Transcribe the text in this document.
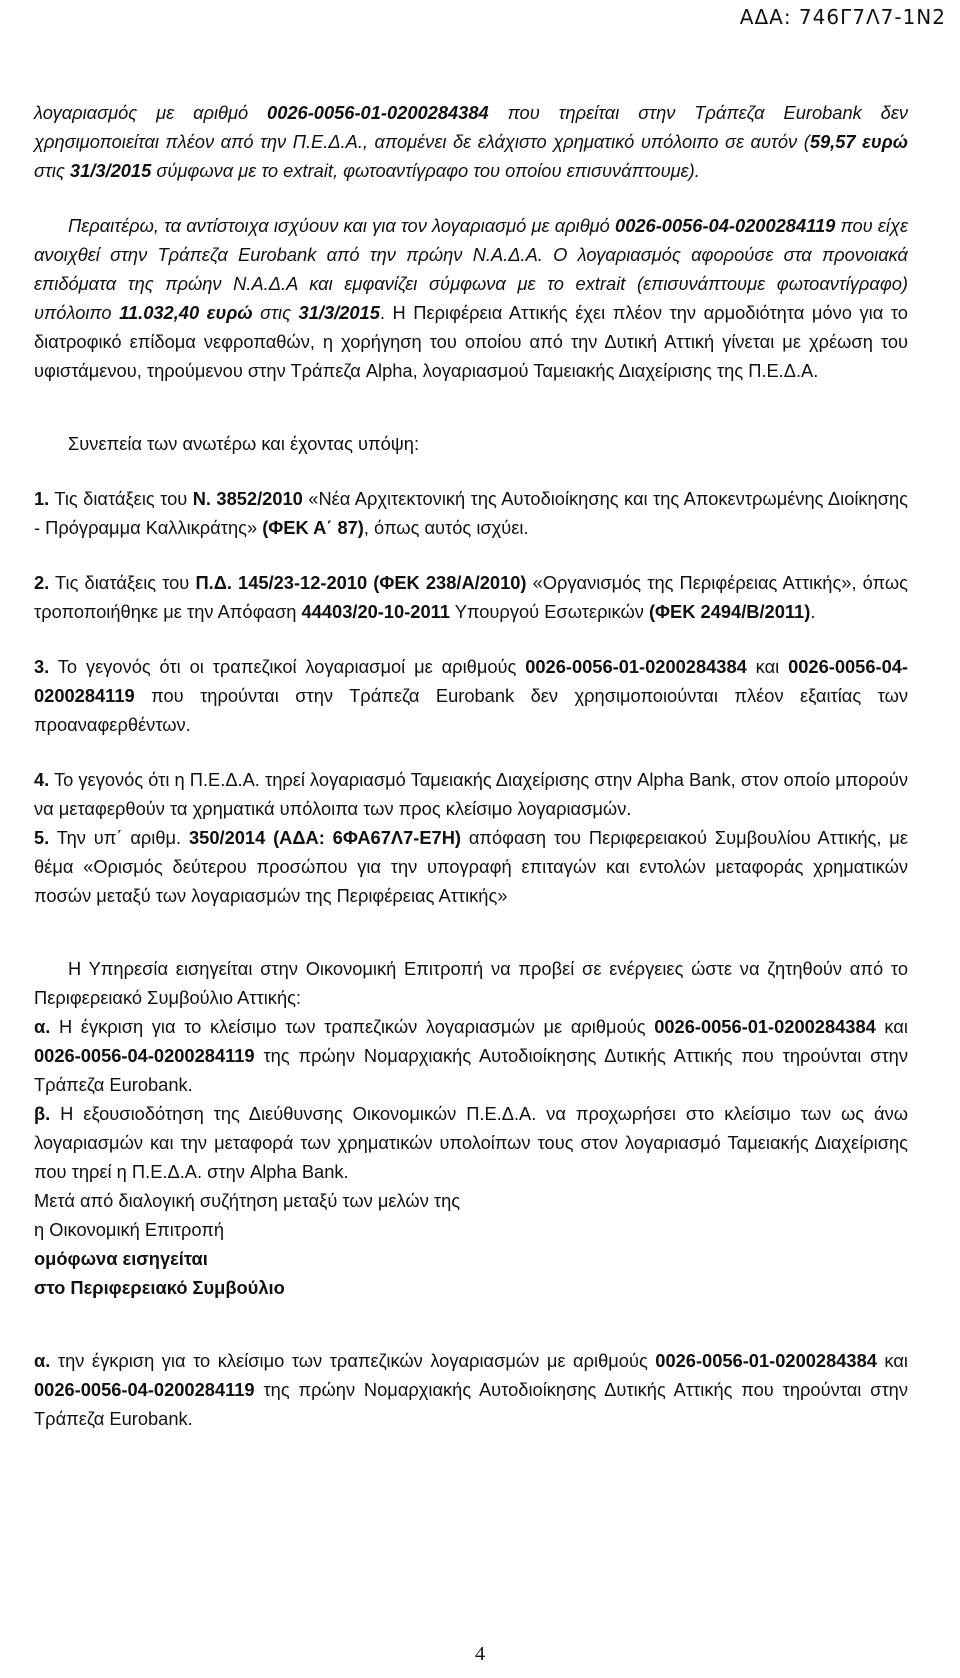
ΑΔΑ: 746Γ7Λ7-1Ν2

λογαριασμός με αριθμό 0026-0056-01-0200284384 που τηρείται στην Τράπεζα Eurobank δεν χρησιμοποιείται πλέον από την Π.Ε.Δ.Α., απομένει δε ελάχιστο χρηματικό υπόλοιπο σε αυτόν (59,57 ευρώ στις 31/3/2015 σύμφωνα με το extrait, φωτοαντίγραφο του οποίου επισυνάπτουμε).

Περαιτέρω, τα αντίστοιχα ισχύουν και για τον λογαριασμό με αριθμό 0026-0056-04-0200284119 που είχε ανοιχθεί στην Τράπεζα Eurobank από την πρώην Ν.Α.Δ.Α. Ο λογαριασμός αφορούσε στα προνοιακά επιδόματα της πρώην Ν.Α.Δ.Α και εμφανίζει σύμφωνα με το extrait (επισυνάπτουμε φωτοαντίγραφο) υπόλοιπο 11.032,40 ευρώ στις 31/3/2015. Η Περιφέρεια Αττικής έχει πλέον την αρμοδιότητα μόνο για το διατροφικό επίδομα νεφροπαθών, η χορήγηση του οποίου από την Δυτική Αττική γίνεται με χρέωση του υφιστάμενου, τηρούμενου στην Τράπεζα Alpha, λογαριασμού Ταμειακής Διαχείρισης της Π.Ε.Δ.Α.

Συνεπεία των ανωτέρω και έχοντας υπόψη:

1. Τις διατάξεις του Ν. 3852/2010 «Νέα Αρχιτεκτονική της Αυτοδιοίκησης και της Αποκεντρωμένης Διοίκησης - Πρόγραμμα Καλλικράτης» (ΦΕΚ Α΄ 87), όπως αυτός ισχύει.

2. Τις διατάξεις του Π.Δ. 145/23-12-2010 (ΦΕΚ 238/Α/2010) «Οργανισμός της Περιφέρειας Αττικής», όπως τροποποιήθηκε με την Απόφαση 44403/20-10-2011 Υπουργού Εσωτερικών (ΦΕΚ 2494/Β/2011).

3. Το γεγονός ότι οι τραπεζικοί λογαριασμοί με αριθμούς 0026-0056-01-0200284384 και 0026-0056-04-0200284119 που τηρούνται στην Τράπεζα Eurobank δεν χρησιμοποιούνται πλέον εξαιτίας των προαναφερθέντων.

4. Το γεγονός ότι η Π.Ε.Δ.Α. τηρεί λογαριασμό Ταμειακής Διαχείρισης στην Alpha Bank, στον οποίο μπορούν να μεταφερθούν τα χρηματικά υπόλοιπα των προς κλείσιμο λογαριασμών.

5. Την υπ΄ αριθμ. 350/2014 (ΑΔΑ: 6ΦΑ67Λ7-Ε7Η) απόφαση του Περιφερειακού Συμβουλίου Αττικής, με θέμα «Ορισμός δεύτερου προσώπου για την υπογραφή επιταγών και εντολών μεταφοράς χρηματικών ποσών μεταξύ των λογαριασμών της Περιφέρειας Αττικής»

Η Υπηρεσία εισηγείται στην Οικονομική Επιτροπή να προβεί σε ενέργειες ώστε να ζητηθούν από το Περιφερειακό Συμβούλιο Αττικής:

α. Η έγκριση για το κλείσιμο των τραπεζικών λογαριασμών με αριθμούς 0026-0056-01-0200284384 και 0026-0056-04-0200284119 της πρώην Νομαρχιακής Αυτοδιοίκησης Δυτικής Αττικής που τηρούνται στην Τράπεζα Eurobank.

β. Η εξουσιοδότηση της Διεύθυνσης Οικονομικών Π.Ε.Δ.Α. να προχωρήσει στο κλείσιμο των ως άνω λογαριασμών και την μεταφορά των χρηματικών υπολοίπων τους στον λογαριασμό Ταμειακής Διαχείρισης που τηρεί η Π.Ε.Δ.Α. στην Alpha Bank.

Μετά από διαλογική συζήτηση μεταξύ των μελών της

η Οικονομική Επιτροπή

ομόφωνα εισηγείται

στο Περιφερειακό Συμβούλιο

α. την έγκριση για το κλείσιμο των τραπεζικών λογαριασμών με αριθμούς 0026-0056-01-0200284384 και 0026-0056-04-0200284119 της πρώην Νομαρχιακής Αυτοδιοίκησης Δυτικής Αττικής που τηρούνται στην Τράπεζα Eurobank.

4
